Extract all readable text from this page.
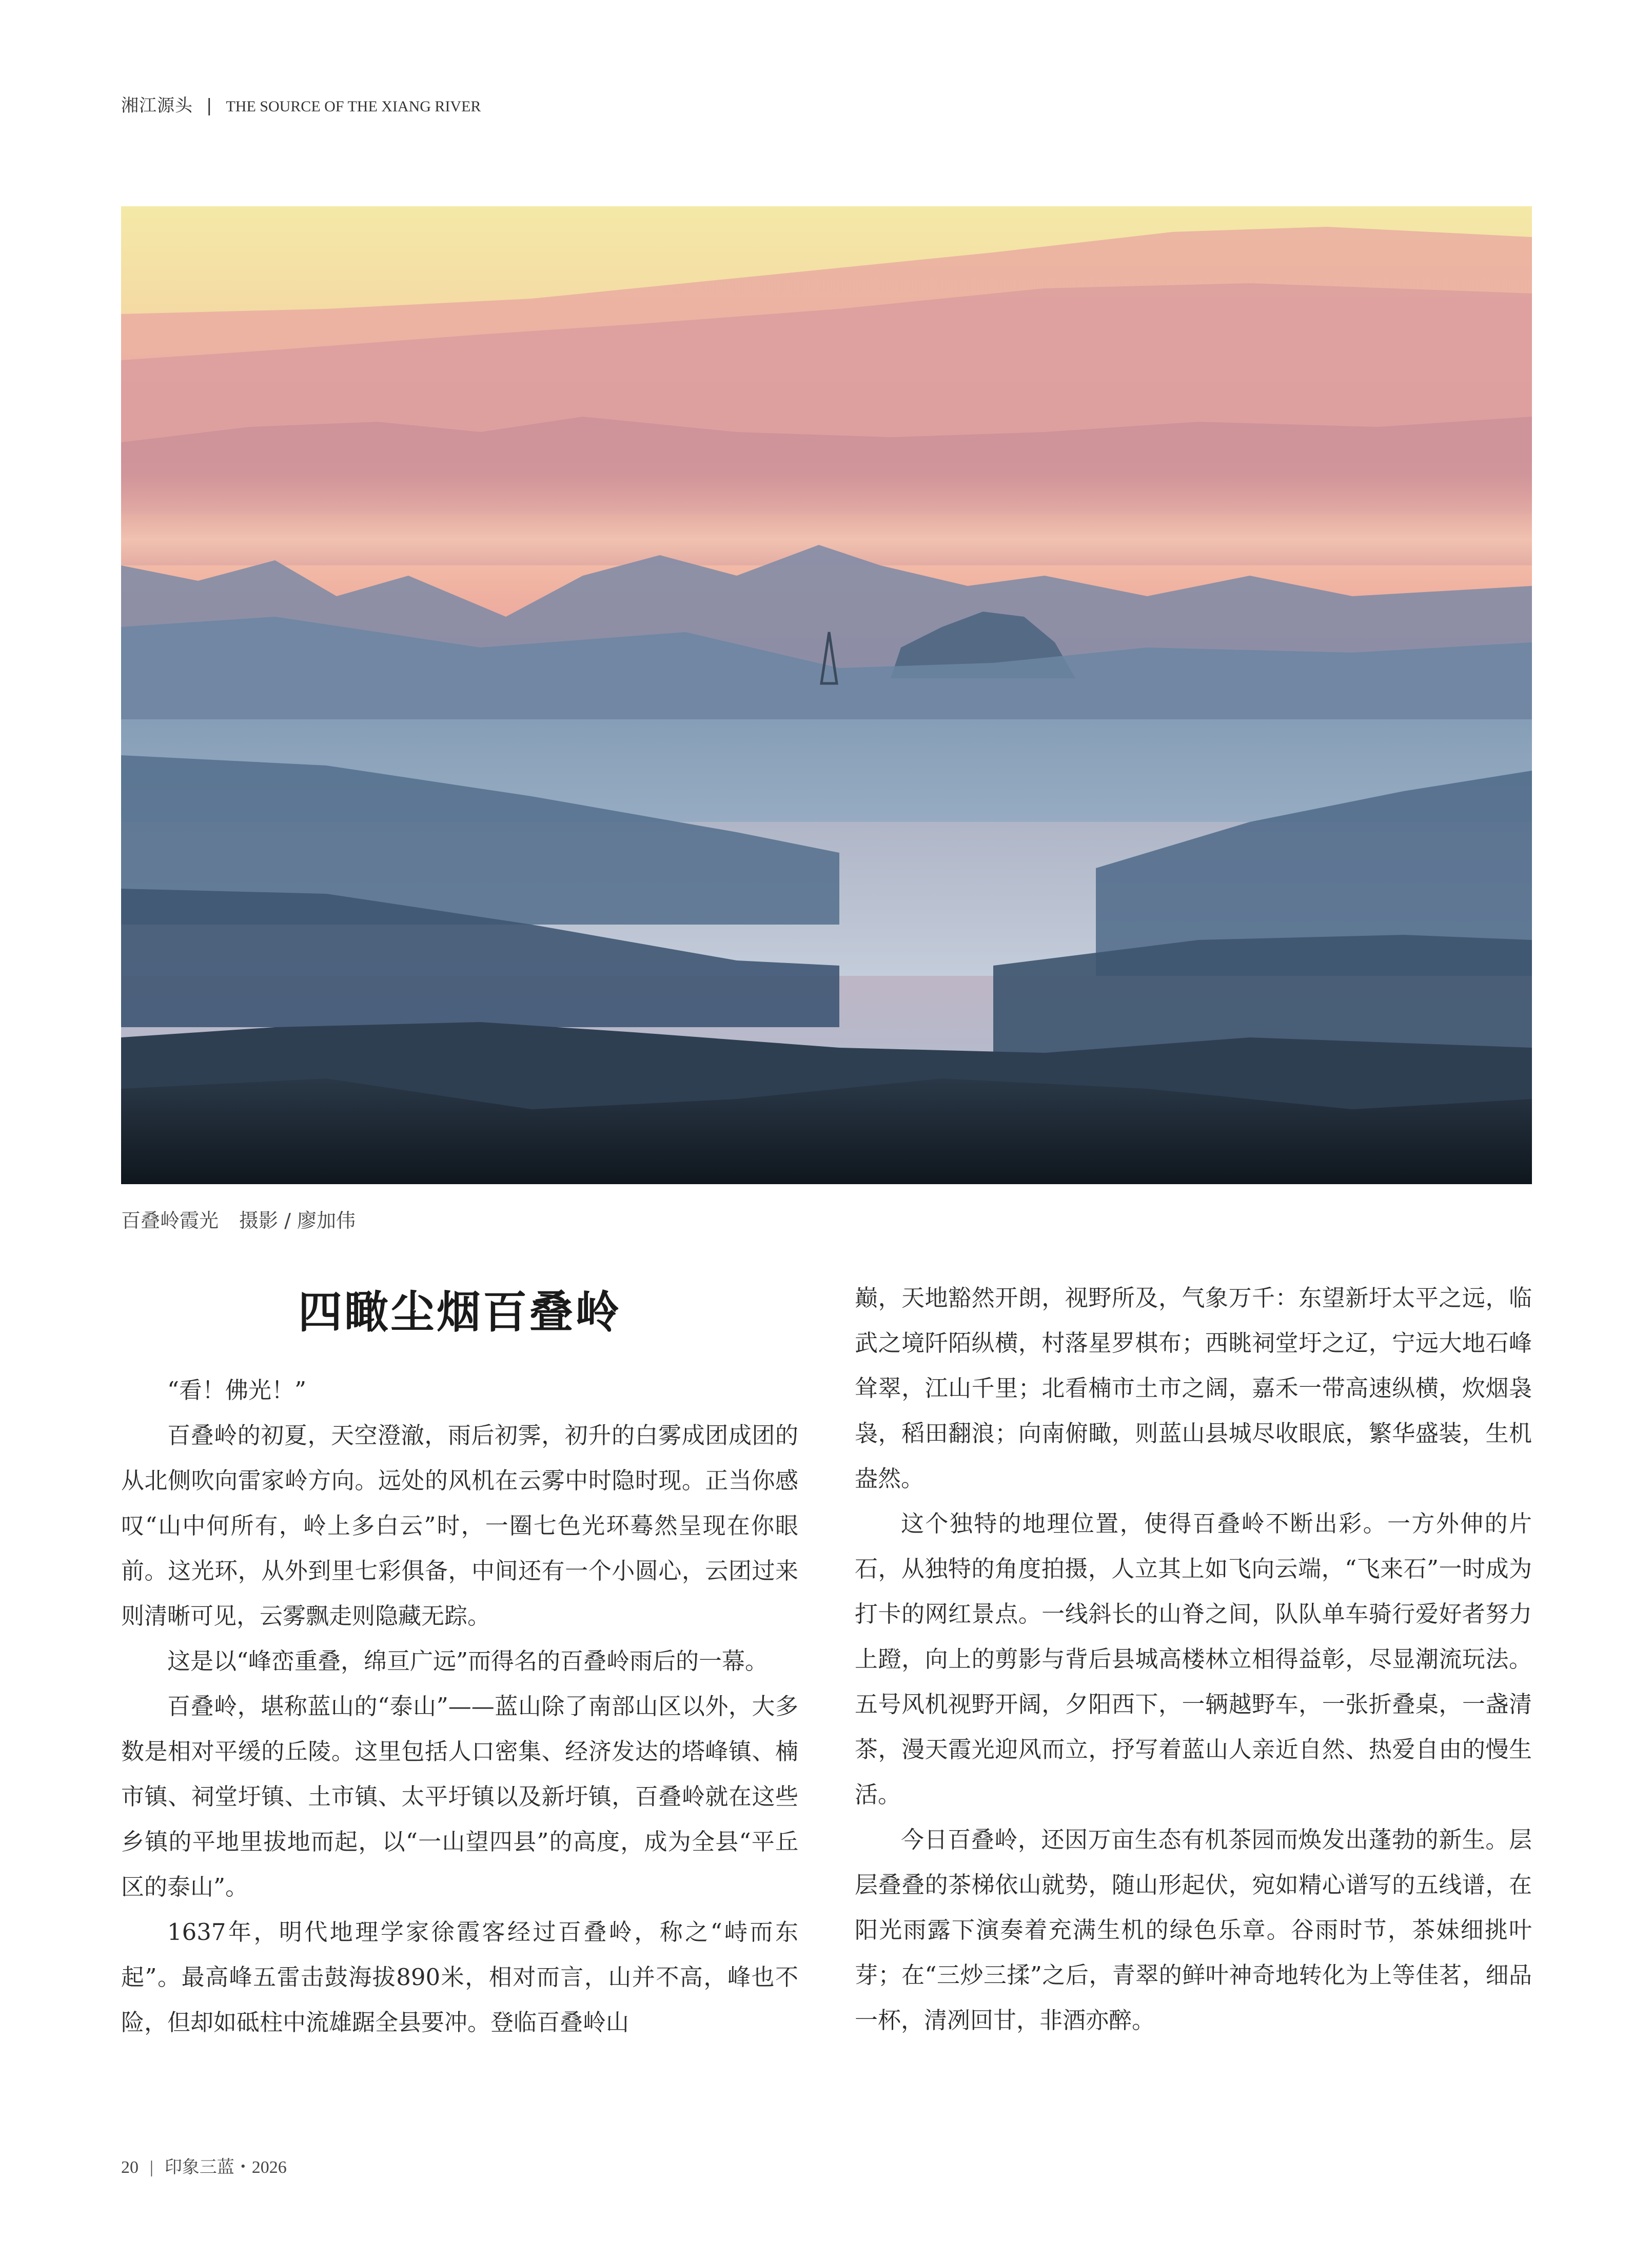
湘江源头 | THE SOURCE OF THE XIANG RIVER
百叠岭霞光 摄影 / 廖加伟
四瞰尘烟百叠岭

“看！佛光！”

百叠岭的初夏，天空澄澈，雨后初霁，初升的白雾成团成团的从北侧吹向雷家岭方向。远处的风机在云雾中时隐时现。正当你感叹“山中何所有，岭上多白云”时，一圈七色光环蓦然呈现在你眼前。这光环，从外到里七彩俱备，中间还有一个小圆心，云团过来则清晰可见，云雾飘走则隐藏无踪。

这是以“峰峦重叠，绵亘广远”而得名的百叠岭雨后的一幕。

百叠岭，堪称蓝山的“泰山”——蓝山除了南部山区以外，大多数是相对平缓的丘陵。这里包括人口密集、经济发达的塔峰镇、楠市镇、祠堂圩镇、土市镇、太平圩镇以及新圩镇，百叠岭就在这些乡镇的平地里拔地而起，以“一山望四县”的高度，成为全县“平丘区的泰山”。

1637年，明代地理学家徐霞客经过百叠岭，称之“峙而东起”。最高峰五雷击鼓海拔890米，相对而言，山并不高，峰也不险，但却如砥柱中流雄踞全县要冲。登临百叠岭山

巅，天地豁然开朗，视野所及，气象万千：东望新圩太平之远，临武之境阡陌纵横，村落星罗棋布；西眺祠堂圩之辽，宁远大地石峰耸翠，江山千里；北看楠市土市之阔，嘉禾一带高速纵横，炊烟袅袅，稻田翻浪；向南俯瞰，则蓝山县城尽收眼底，繁华盛装，生机盎然。

这个独特的地理位置，使得百叠岭不断出彩。一方外伸的片石，从独特的角度拍摄，人立其上如飞向云端，“飞来石”一时成为打卡的网红景点。一线斜长的山脊之间，队队单车骑行爱好者努力上蹬，向上的剪影与背后县城高楼林立相得益彰，尽显潮流玩法。五号风机视野开阔，夕阳西下，一辆越野车，一张折叠桌，一盏清茶，漫天霞光迎风而立，抒写着蓝山人亲近自然、热爱自由的慢生活。

今日百叠岭，还因万亩生态有机茶园而焕发出蓬勃的新生。层层叠叠的茶梯依山就势，随山形起伏，宛如精心谱写的五线谱，在阳光雨露下演奏着充满生机的绿色乐章。谷雨时节，茶妹细挑叶芽；在“三炒三揉”之后，青翠的鲜叶神奇地转化为上等佳茗，细品一杯，清冽回甘，非酒亦醉。

20 | 印象三蓝・2026
